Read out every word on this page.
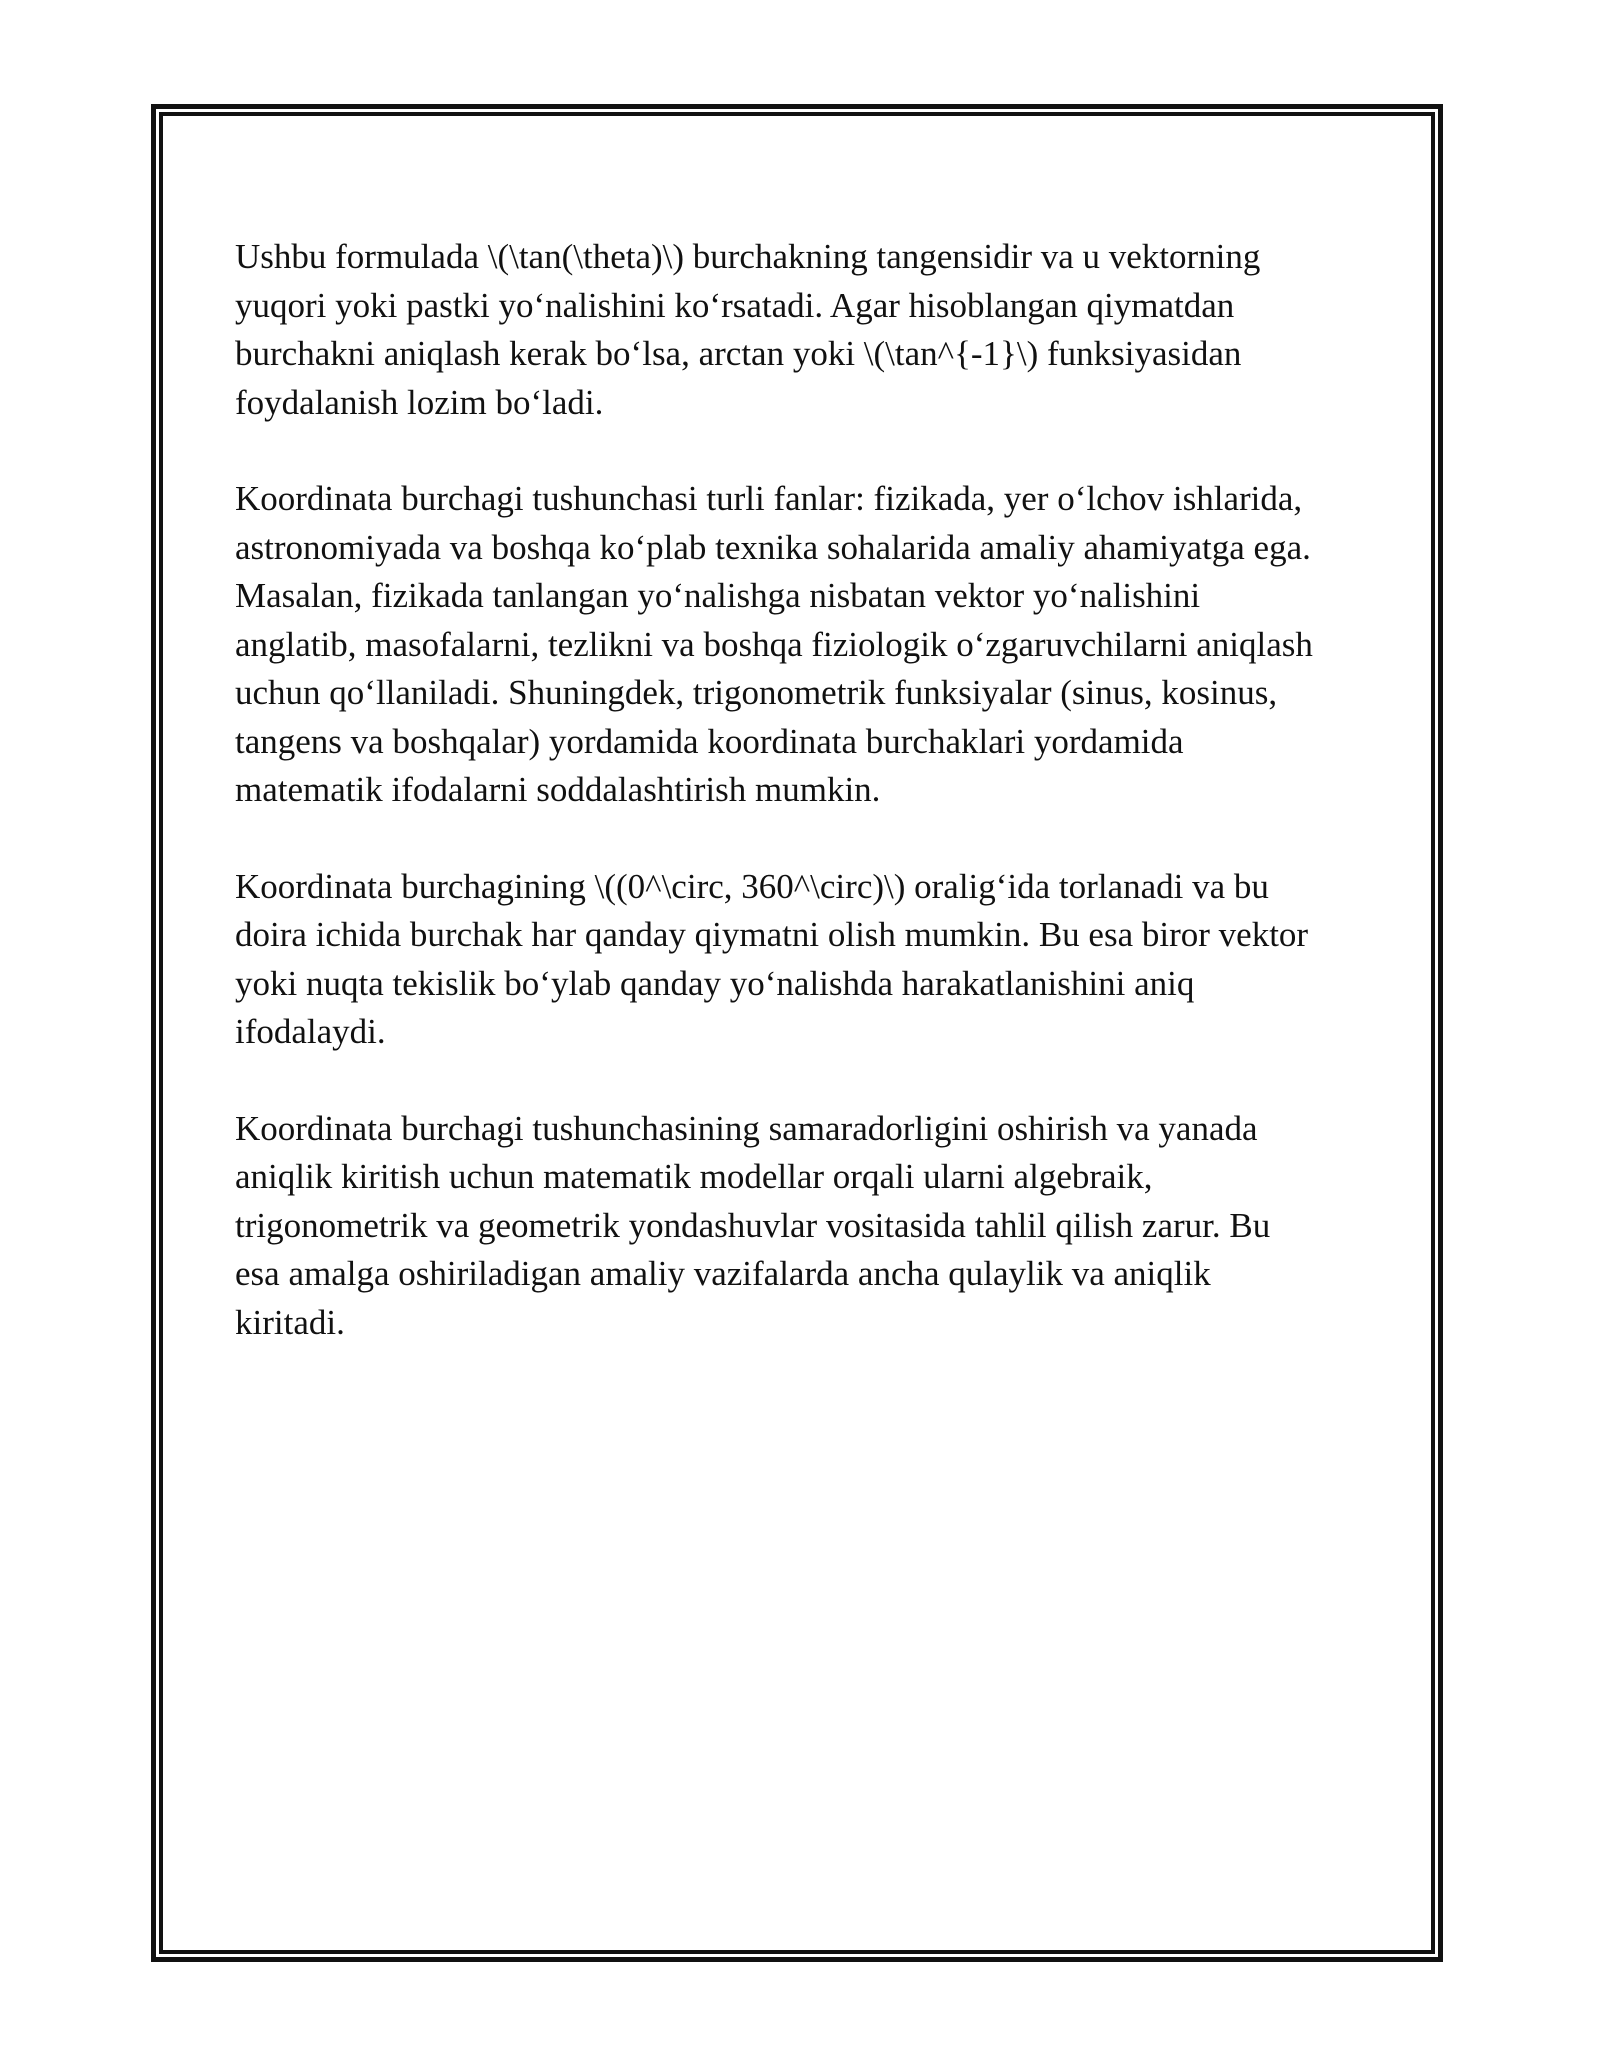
Ushbu formulada \(\tan(\theta)\) burchakning tangensidir va u vektorning
yuqori yoki pastki yo‘nalishini ko‘rsatadi. Agar hisoblangan qiymatdan
burchakni aniqlash kerak bo‘lsa, arctan yoki \(\tan^{-1}\) funksiyasidan
foydalanish lozim bo‘ladi.

Koordinata burchagi tushunchasi turli fanlar: fizikada, yer o‘lchov ishlarida,
astronomiyada va boshqa ko‘plab texnika sohalarida amaliy ahamiyatga ega.
Masalan, fizikada tanlangan yo‘nalishga nisbatan vektor yo‘nalishini
anglatib, masofalarni, tezlikni va boshqa fiziologik o‘zgaruvchilarni aniqlash
uchun qo‘llaniladi. Shuningdek, trigonometrik funksiyalar (sinus, kosinus,
tangens va boshqalar) yordamida koordinata burchaklari yordamida
matematik ifodalarni soddalashtirish mumkin.

Koordinata burchagining \((0^\circ, 360^\circ)\) oralig‘ida torlanadi va bu
doira ichida burchak har qanday qiymatni olish mumkin. Bu esa biror vektor
yoki nuqta tekislik bo‘ylab qanday yo‘nalishda harakatlanishini aniq
ifodalaydi.

Koordinata burchagi tushunchasining samaradorligini oshirish va yanada
aniqlik kiritish uchun matematik modellar orqali ularni algebraik,
trigonometrik va geometrik yondashuvlar vositasida tahlil qilish zarur. Bu
esa amalga oshiriladigan amaliy vazifalarda ancha qulaylik va aniqlik
kiritadi.
